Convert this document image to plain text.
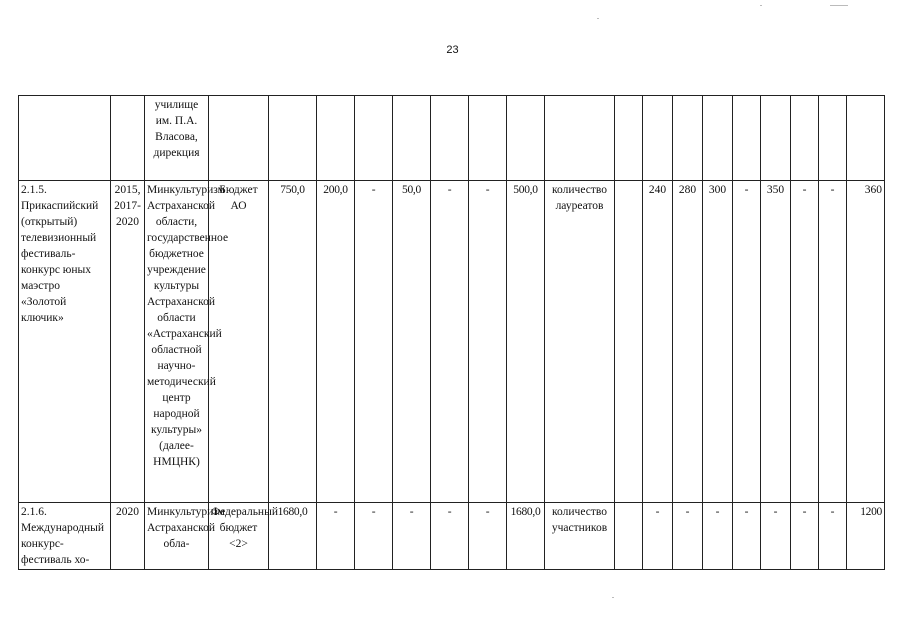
23
		училище им. П.А. Власова, дирекция																		
2.1.5. Прикаспийский (открытый) телевизионный фестиваль-конкурс юных маэстро «Золотой ключик»	2015, 2017-2020	Минкультуризм Астраханской области, государственное бюджетное учреждение культуры Астраханской области «Астраханский областной научно-методический центр народной культуры» (далее-НМЦНК)	Бюджет АО	750,0	200,0	-	50,0	-	-	500,0	количество лауреатов		240	280	300	-	350	-	-	360
2.1.6. Международный конкурс-фестиваль хо-	2020	Минкультуризм Астраханской обла-	Федеральный бюджет <2>	1680,0	-	-	-	-	-	1680,0	количество участников		-	-	-	-	-	-	-	1200
